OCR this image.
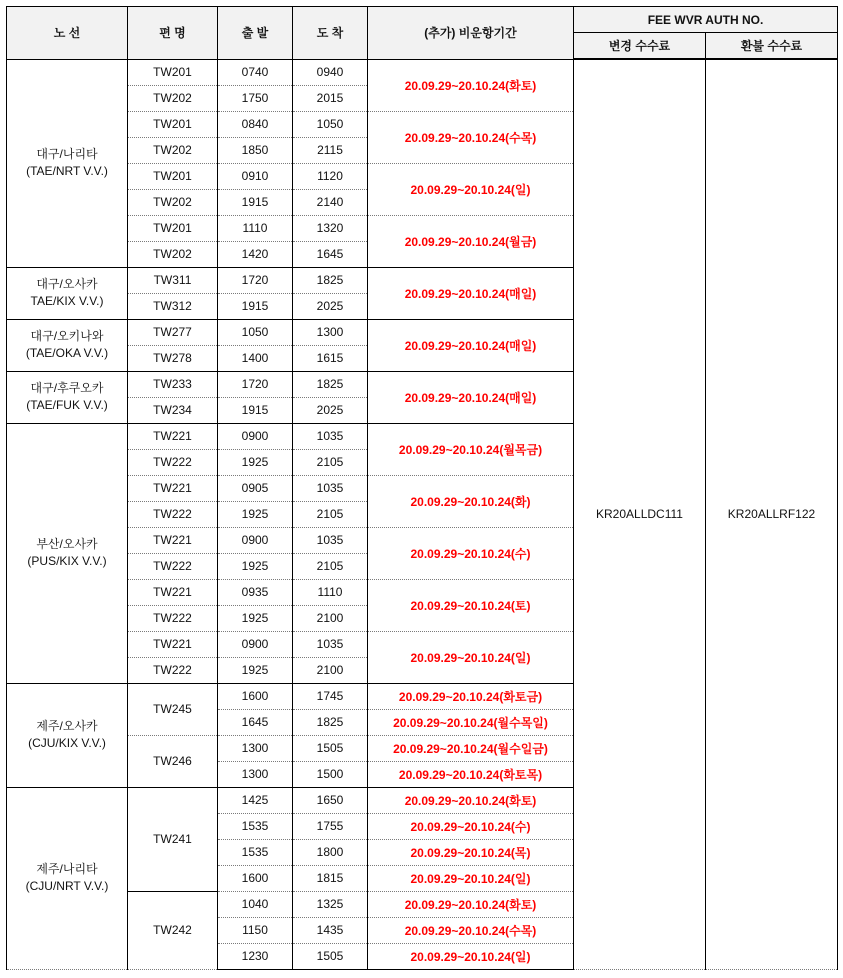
노 선	편 명	출 발	도 착	(추가) 비운항기간	FEE WVR AUTH NO.	
					변경 수수료	환불 수수료

대구/나리타
(TAE/NRT V.V.)	TW201	0740	0940	20.09.29~20.10.24(화토)	KR20ALLDC111	KR20ALLRF122
	TW202	1750	2015			
	TW201	0840	1050	20.09.29~20.10.24(수목)		
	TW202	1850	2115			
	TW201	0910	1120	20.09.29~20.10.24(일)		
	TW202	1915	2140			
	TW201	1110	1320	20.09.29~20.10.24(월금)		
	TW202	1420	1645			

대구/오사카
TAE/KIX V.V.)	TW311	1720	1825	20.09.29~20.10.24(매일)		
	TW312	1915	2025			

대구/오키나와
(TAE/OKA V.V.)	TW277	1050	1300	20.09.29~20.10.24(매일)		
	TW278	1400	1615			

대구/후쿠오카
(TAE/FUK V.V.)	TW233	1720	1825	20.09.29~20.10.24(매일)		
	TW234	1915	2025			

부산/오사카
(PUS/KIX V.V.)	TW221	0900	1035	20.09.29~20.10.24(월목금)		
	TW222	1925	2105			
	TW221	0905	1035	20.09.29~20.10.24(화)		
	TW222	1925	2105			
	TW221	0900	1035	20.09.29~20.10.24(수)		
	TW222	1925	2105			
	TW221	0935	1110	20.09.29~20.10.24(토)		
	TW222	1925	2100			
	TW221	0900	1035	20.09.29~20.10.24(일)		
	TW222	1925	2100			

제주/오사카
(CJU/KIX V.V.)	TW245	1600	1745	20.09.29~20.10.24(화토금)		
		1645	1825	20.09.29~20.10.24(월수목일)		
	TW246	1300	1505	20.09.29~20.10.24(월수일금)		
		1300	1500	20.09.29~20.10.24(화토목)		

제주/나리타
(CJU/NRT V.V.)	TW241	1425	1650	20.09.29~20.10.24(화토)		
		1535	1755	20.09.29~20.10.24(수)		
		1535	1800	20.09.29~20.10.24(목)		
		1600	1815	20.09.29~20.10.24(일)		
	TW242	1040	1325	20.09.29~20.10.24(화토)		
		1150	1435	20.09.29~20.10.24(수목)		
		1230	1505	20.09.29~20.10.24(일)		
